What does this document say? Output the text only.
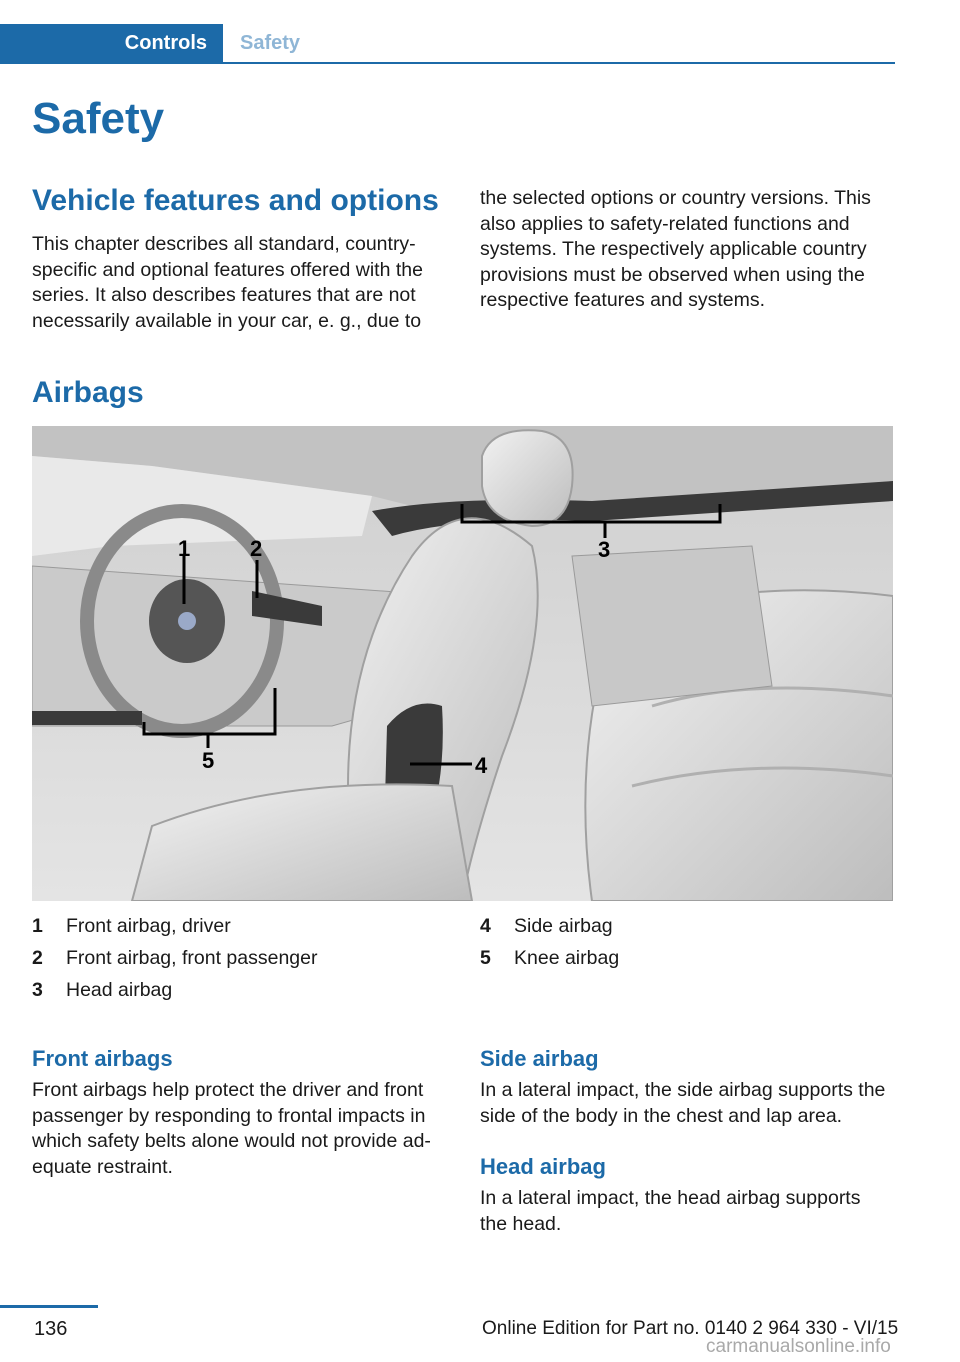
Controls	Safety
Safety
Vehicle features and options

This chapter describes all standard, country-specific and optional features offered with the series. It also describes features that are not necessarily available in your car, e. g., due to

the selected options or country versions. This also applies to safety-related functions and systems. The respectively applicable country provisions must be observed when using the respective features and systems.

Airbags
1	2	3
4
5
1	Front airbag, driver
2	Front airbag, front passenger
3	Head airbag
4	Side airbag
5	Knee airbag
Front airbags

Front airbags help protect the driver and front passenger by responding to frontal impacts in which safety belts alone would not provide ad-equate restraint.

Side airbag

In a lateral impact, the side airbag supports the side of the body in the chest and lap area.

Head airbag

In a lateral impact, the head airbag supports the head.

136	Online Edition for Part no. 0140 2 964 330 - VI/15
carmanualsonline.info
